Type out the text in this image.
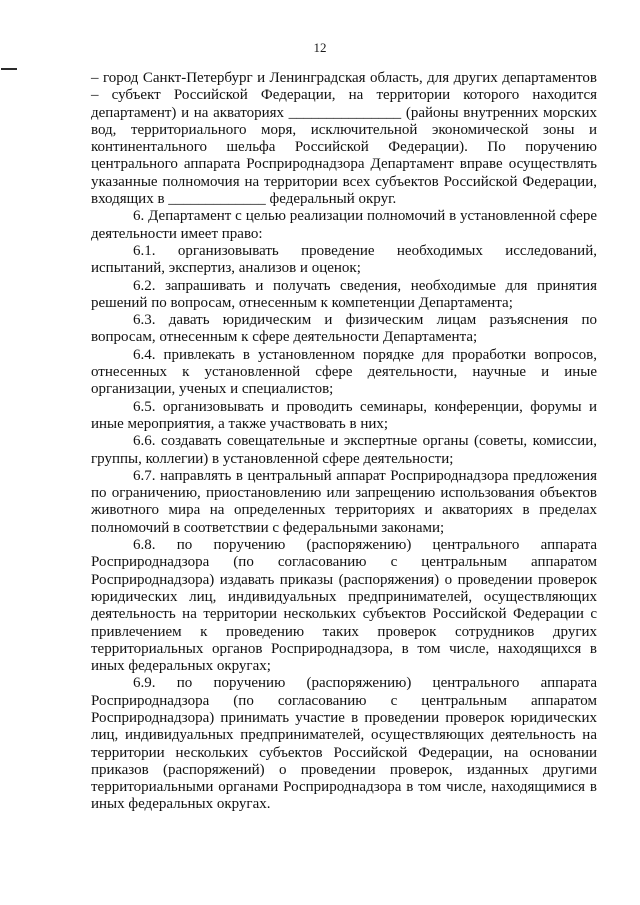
12

– город Санкт-Петербург и Ленинградская область, для других департаментов – субъект Российской Федерации, на территории которого находится департамент) и на акваториях _______________ (районы внутренних морских вод, территориального моря, исключительной экономической зоны и континентального шельфа Российской Федерации). По поручению центрального аппарата Росприроднадзора Департамент вправе осуществлять указанные полномочия на территории всех субъектов Российской Федерации, входящих в _____________ федеральный округ.

6. Департамент с целью реализации полномочий в установленной сфере деятельности имеет право:

6.1. организовывать проведение необходимых исследований, испытаний, экспертиз, анализов и оценок;

6.2. запрашивать и получать сведения, необходимые для принятия решений по вопросам, отнесенным к компетенции Департамента;

6.3. давать юридическим и физическим лицам разъяснения по вопросам, отнесенным к сфере деятельности Департамента;

6.4. привлекать в установленном порядке для проработки вопросов, отнесенных к установленной сфере деятельности, научные и иные организации, ученых и специалистов;

6.5. организовывать и проводить семинары, конференции, форумы и иные мероприятия, а также участвовать в них;

6.6. создавать совещательные и экспертные органы (советы, комиссии, группы, коллегии) в установленной сфере деятельности;

6.7. направлять в центральный аппарат Росприроднадзора предложения по ограничению, приостановлению или запрещению использования объектов животного мира на определенных территориях и акваториях в пределах полномочий в соответствии с федеральными законами;

6.8. по поручению (распоряжению) центрального аппарата Росприроднадзора (по согласованию с центральным аппаратом Росприроднадзора) издавать приказы (распоряжения) о проведении проверок юридических лиц, индивидуальных предпринимателей, осуществляющих деятельность на территории нескольких субъектов Российской Федерации с привлечением к проведению таких проверок сотрудников других территориальных органов Росприроднадзора, в том числе, находящихся в иных федеральных округах;

6.9. по поручению (распоряжению) центрального аппарата Росприроднадзора (по согласованию с центральным аппаратом Росприроднадзора) принимать участие в проведении проверок юридических лиц, индивидуальных предпринимателей, осуществляющих деятельность на территории нескольких субъектов Российской Федерации, на основании приказов (распоряжений) о проведении проверок, изданных другими территориальными органами Росприроднадзора в том числе, находящимися в иных федеральных округах.
